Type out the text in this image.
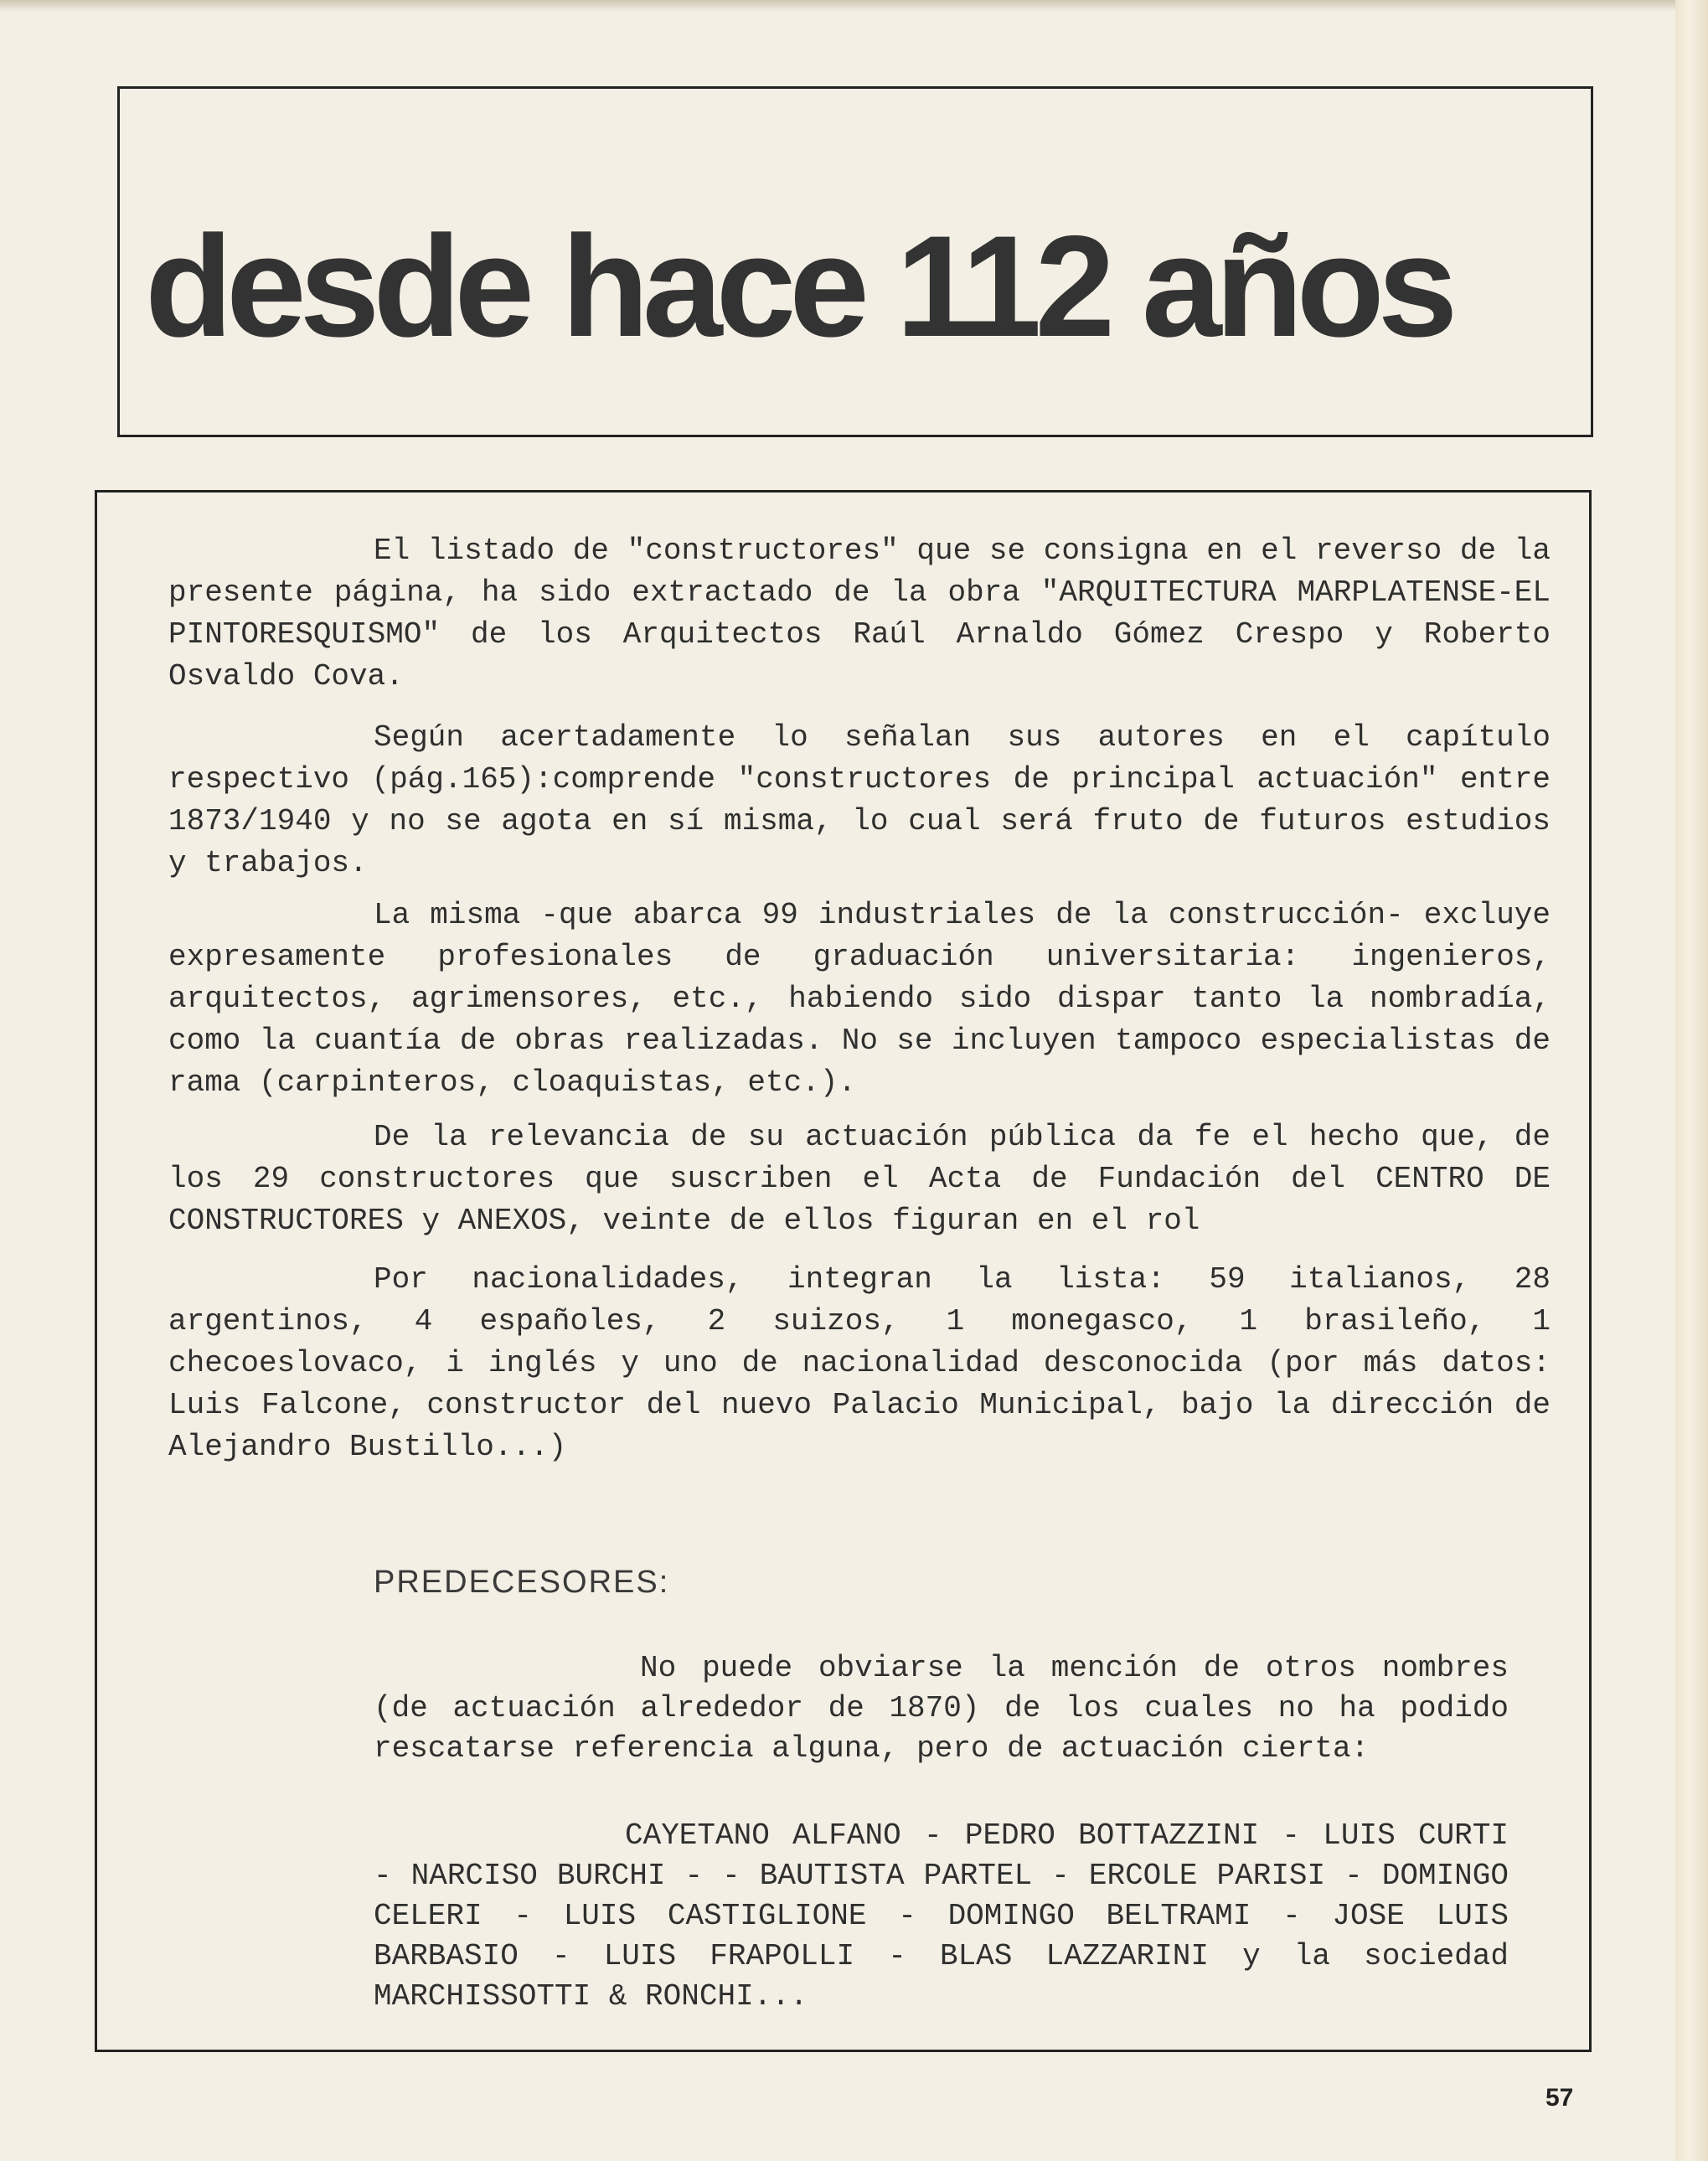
desde hace 112 años

El listado de "constructores" que se consigna en el reverso de la presente página, ha sido extractado de la obra "ARQUITECTURA MARPLATENSE-EL PINTORESQUISMO" de los Arquitectos Raúl Arnaldo Gómez Crespo y Roberto Osvaldo Cova.

Según acertadamente lo señalan sus autores en el capítulo respectivo (pág.165):comprende "constructores de principal actuación" entre 1873/1940 y no se agota en sí misma, lo cual será fruto de futuros estudios y trabajos.

La misma -que abarca 99 industriales de la construcción- excluye expresamente profesionales de graduación universitaria: ingenieros, arquitectos, agrimensores, etc., habiendo sido dispar tanto la nombradía, como la cuantía de obras realizadas. No se incluyen tampoco especialistas de rama (carpinteros, cloaquistas, etc.).

De la relevancia de su actuación pública da fe el hecho que, de los 29 constructores que suscriben el Acta de Fundación del CENTRO DE CONSTRUCTORES y ANEXOS, veinte de ellos figuran en el rol

Por nacionalidades, integran la lista: 59 italianos, 28 argentinos, 4 españoles, 2 suizos, 1 monegasco, 1 brasileño, 1 checoeslovaco, i inglés y uno de nacionalidad desconocida (por más datos: Luis Falcone, constructor del nuevo Palacio Municipal, bajo la dirección de Alejandro Bustillo...)

PREDECESORES:

No puede obviarse la mención de otros nombres (de actuación alrededor de 1870) de los cuales no ha podido rescatarse referencia alguna, pero de actuación cierta:

CAYETANO ALFANO - PEDRO BOTTAZZINI - LUIS CURTI - NARCISO BURCHI - - BAUTISTA PARTEL - ERCOLE PARISI - DOMINGO CELERI - LUIS CASTIGLIONE - DOMINGO BELTRAMI - JOSE LUIS BARBASIO - LUIS FRAPOLLI - BLAS LAZZARINI y la sociedad MARCHISSOTTI & RONCHI...

57
